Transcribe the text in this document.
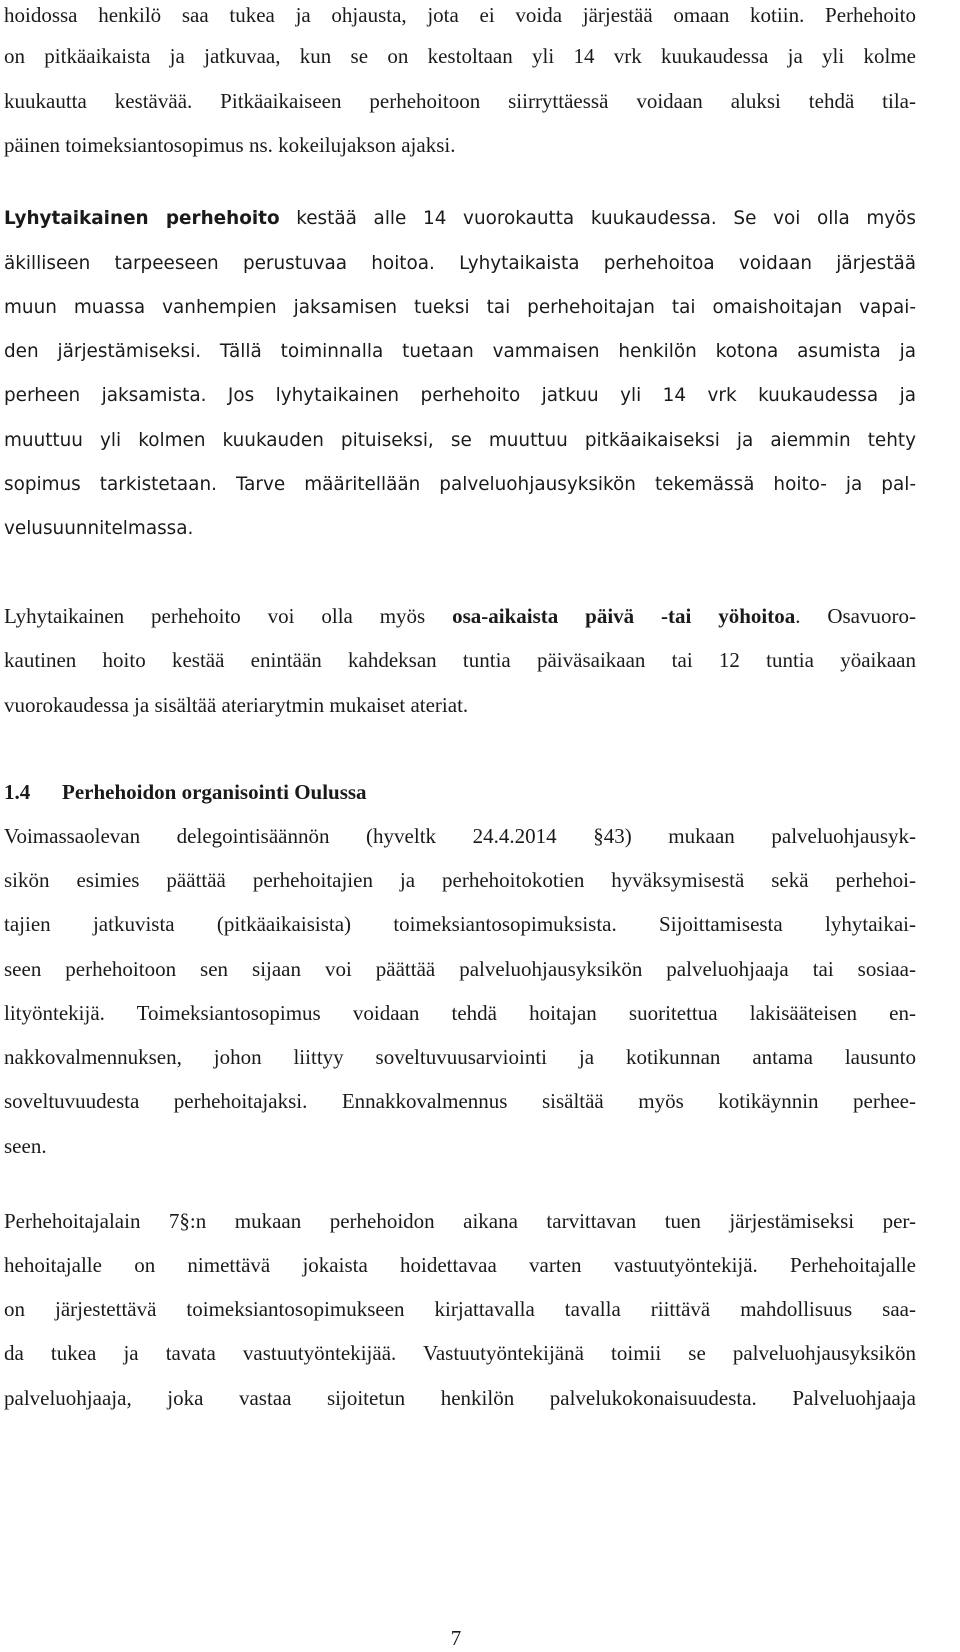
hoidossa henkilö saa tukea ja ohjausta, jota ei voida järjestää omaan kotiin. Perhehoito
on pitkäaikaista ja jatkuvaa, kun se on kestoltaan yli 14 vrk kuukaudessa ja yli kolme
kuukautta kestävää. Pitkäaikaiseen perhehoitoon siirryttäessä voidaan aluksi tehdä tila-
päinen toimeksiantosopimus ns. kokeilujakson ajaksi.
Lyhytaikainen perhehoito kestää alle 14 vuorokautta kuukaudessa. Se voi olla myös
äkilliseen tarpeeseen perustuvaa hoitoa. Lyhytaikaista perhehoitoa voidaan järjestää
muun muassa vanhempien jaksamisen tueksi tai perhehoitajan tai omaishoitajan vapai-
den järjestämiseksi. Tällä toiminnalla tuetaan vammaisen henkilön kotona asumista ja
perheen jaksamista. Jos lyhytaikainen perhehoito jatkuu yli 14 vrk kuukaudessa ja
muuttuu yli kolmen kuukauden pituiseksi, se muuttuu pitkäaikaiseksi ja aiemmin tehty
sopimus tarkistetaan. Tarve määritellään palveluohjausyksikön tekemässä hoito- ja pal-
velusuunnitelmassa.
Lyhytaikainen perhehoito voi olla myös osa-aikaista päivä -tai yöhoitoa. Osavuoro-
kautinen hoito kestää enintään kahdeksan tuntia päiväsaikaan tai 12 tuntia yöaikaan
vuorokaudessa ja sisältää ateriarytmin mukaiset ateriat.
1.4 Perhehoidon organisointi Oulussa
Voimassaolevan delegointisäännön (hyveltk 24.4.2014 §43) mukaan palveluohjausyk-
sikön esimies päättää perhehoitajien ja perhehoitokotien hyväksymisestä sekä perhehoi-
tajien jatkuvista (pitkäaikaisista) toimeksiantosopimuksista. Sijoittamisesta lyhytaikai-
seen perhehoitoon sen sijaan voi päättää palveluohjausyksikön palveluohjaaja tai sosiaa-
lityöntekijä. Toimeksiantosopimus voidaan tehdä hoitajan suoritettua lakisääteisen en-
nakkovalmennuksen, johon liittyy soveltuvuusarviointi ja kotikunnan antama lausunto
soveltuvuudesta perhehoitajaksi. Ennakkovalmennus sisältää myös kotikäynnin perhee-
seen.
Perhehoitajalain 7§:n mukaan perhehoidon aikana tarvittavan tuen järjestämiseksi per-
hehoitajalle on nimettävä jokaista hoidettavaa varten vastuutyöntekijä. Perhehoitajalle
on järjestettävä toimeksiantosopimukseen kirjattavalla tavalla riittävä mahdollisuus saa-
da tukea ja tavata vastuutyöntekijää. Vastuutyöntekijänä toimii se palveluohjausyksikön
palveluohjaaja, joka vastaa sijoitetun henkilön palvelukokonaisuudesta. Palveluohjaaja
7
